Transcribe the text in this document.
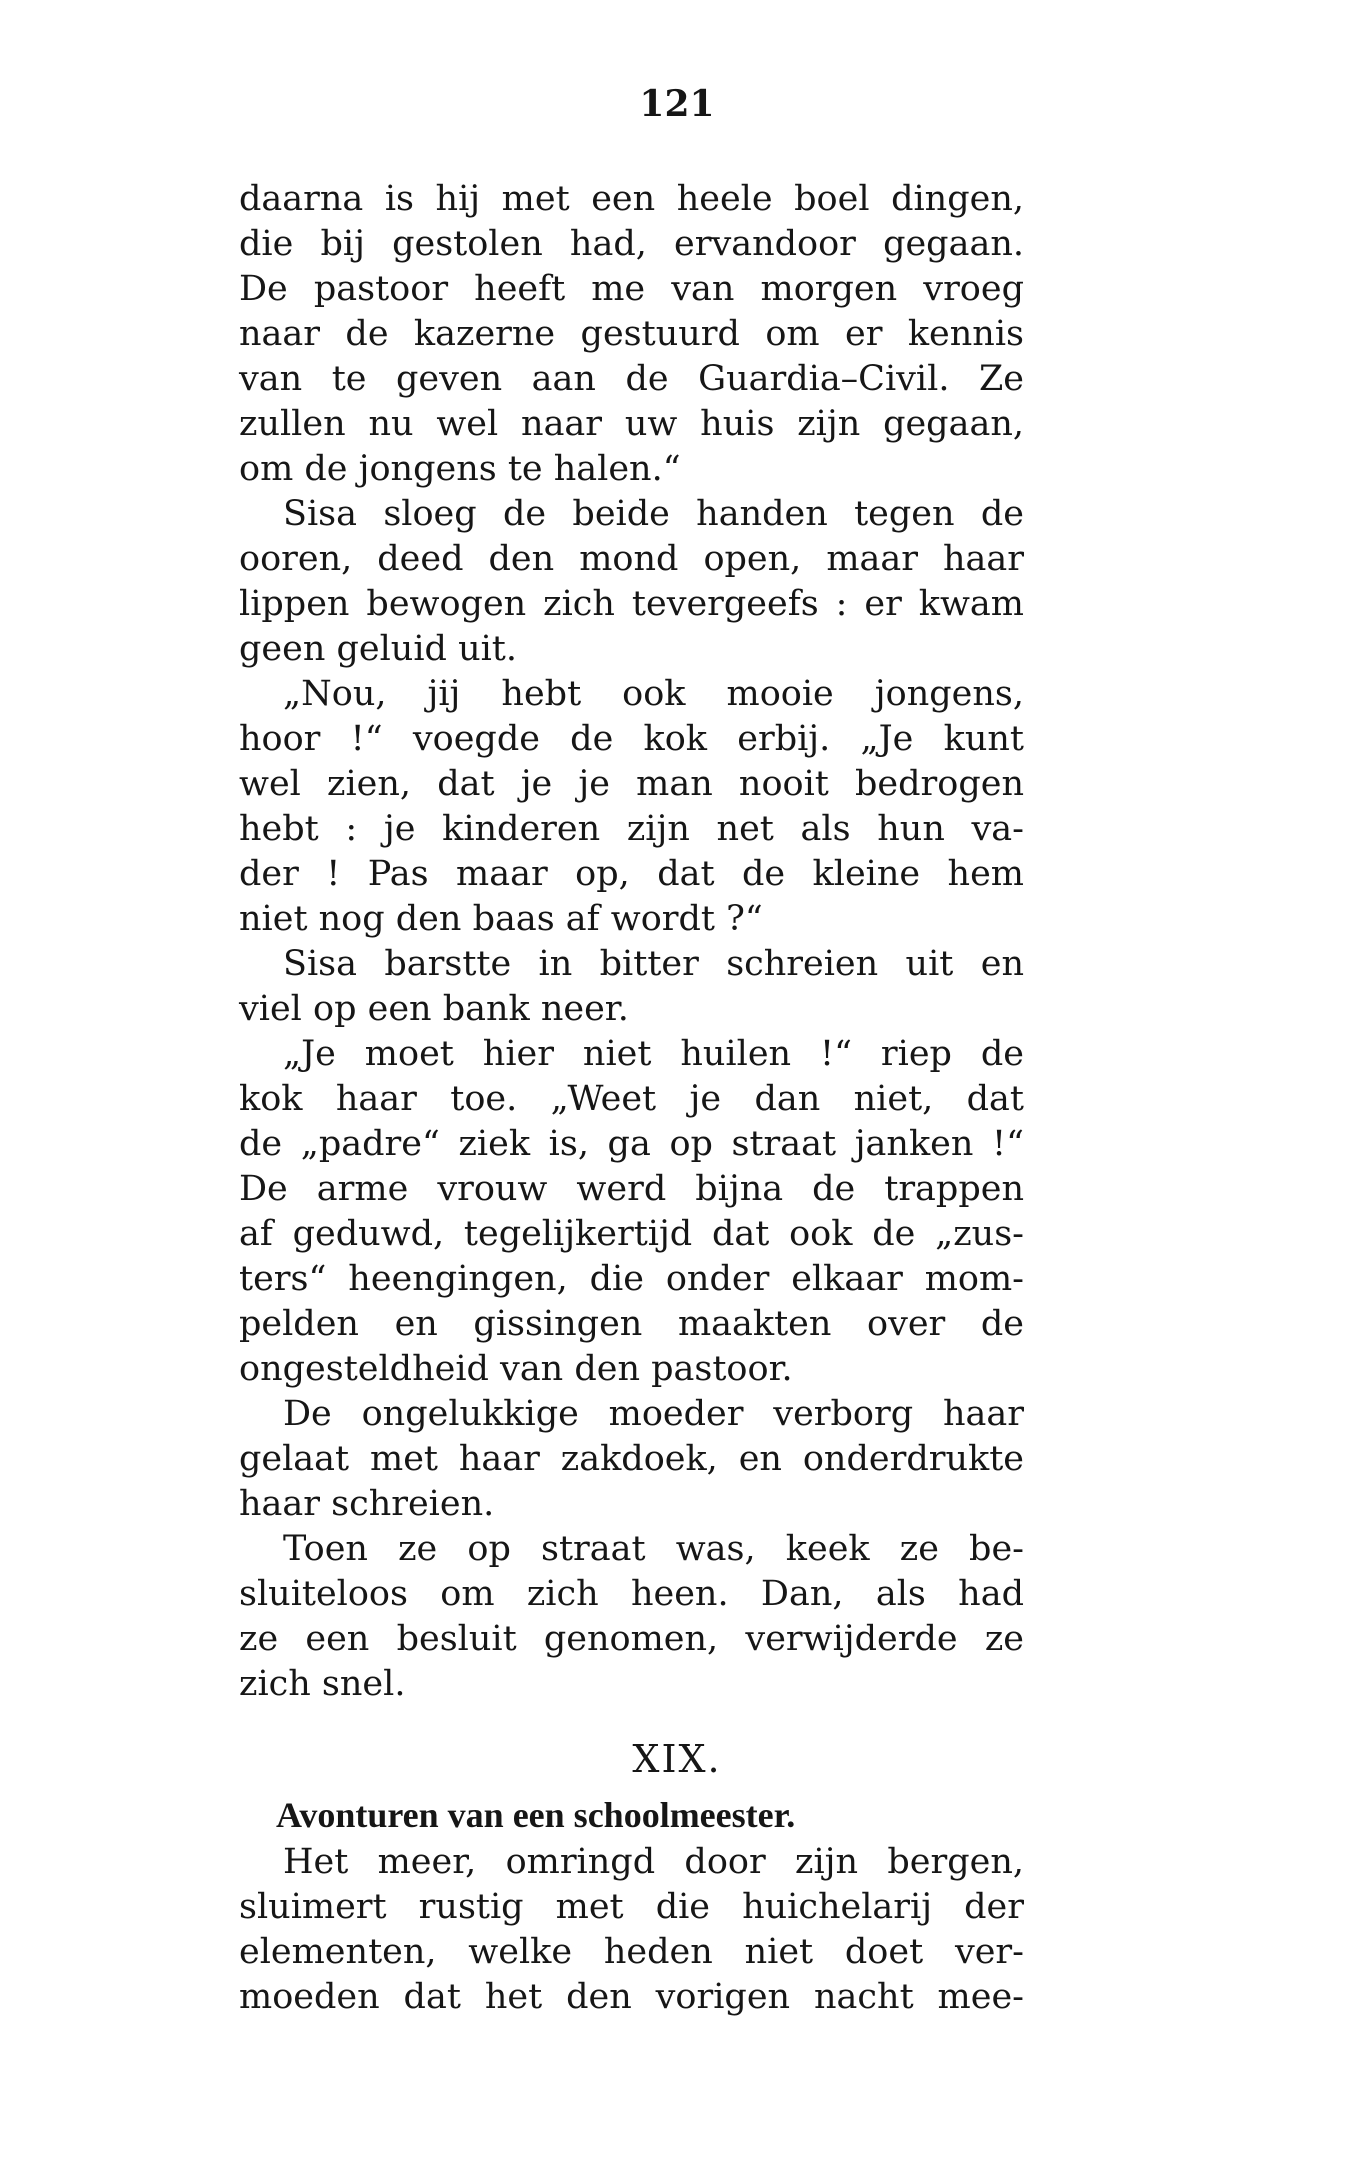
121
daarna is hij met een heele boel dingen,
die bij gestolen had, ervandoor gegaan.
De pastoor heeft me van morgen vroeg
naar de kazerne gestuurd om er kennis
van te geven aan de Guardia–Civil. Ze
zullen nu wel naar uw huis zijn gegaan,
om de jongens te halen.“
Sisa sloeg de beide handen tegen de
ooren, deed den mond open, maar haar
lippen bewogen zich tevergeefs : er kwam
geen geluid uit.
„Nou, jij hebt ook mooie jongens,
hoor !“ voegde de kok erbij. „Je kunt
wel zien, dat je je man nooit bedrogen
hebt : je kinderen zijn net als hun va-
der ! Pas maar op, dat de kleine hem
niet nog den baas af wordt ?“
Sisa barstte in bitter schreien uit en
viel op een bank neer.
„Je moet hier niet huilen !“ riep de
kok haar toe. „Weet je dan niet, dat
de „padre“ ziek is, ga op straat janken !“
De arme vrouw werd bijna de trappen
af geduwd, tegelijkertijd dat ook de „zus-
ters“ heengingen, die onder elkaar mom-
pelden en gissingen maakten over de
ongesteldheid van den pastoor.
De ongelukkige moeder verborg haar
gelaat met haar zakdoek, en onderdrukte
haar schreien.
Toen ze op straat was, keek ze be-
sluiteloos om zich heen. Dan, als had
ze een besluit genomen, verwijderde ze
zich snel.
XIX.
Avonturen van een schoolmeester.
Het meer, omringd door zijn bergen,
sluimert rustig met die huichelarij der
elementen, welke heden niet doet ver-
moeden dat het den vorigen nacht mee-
